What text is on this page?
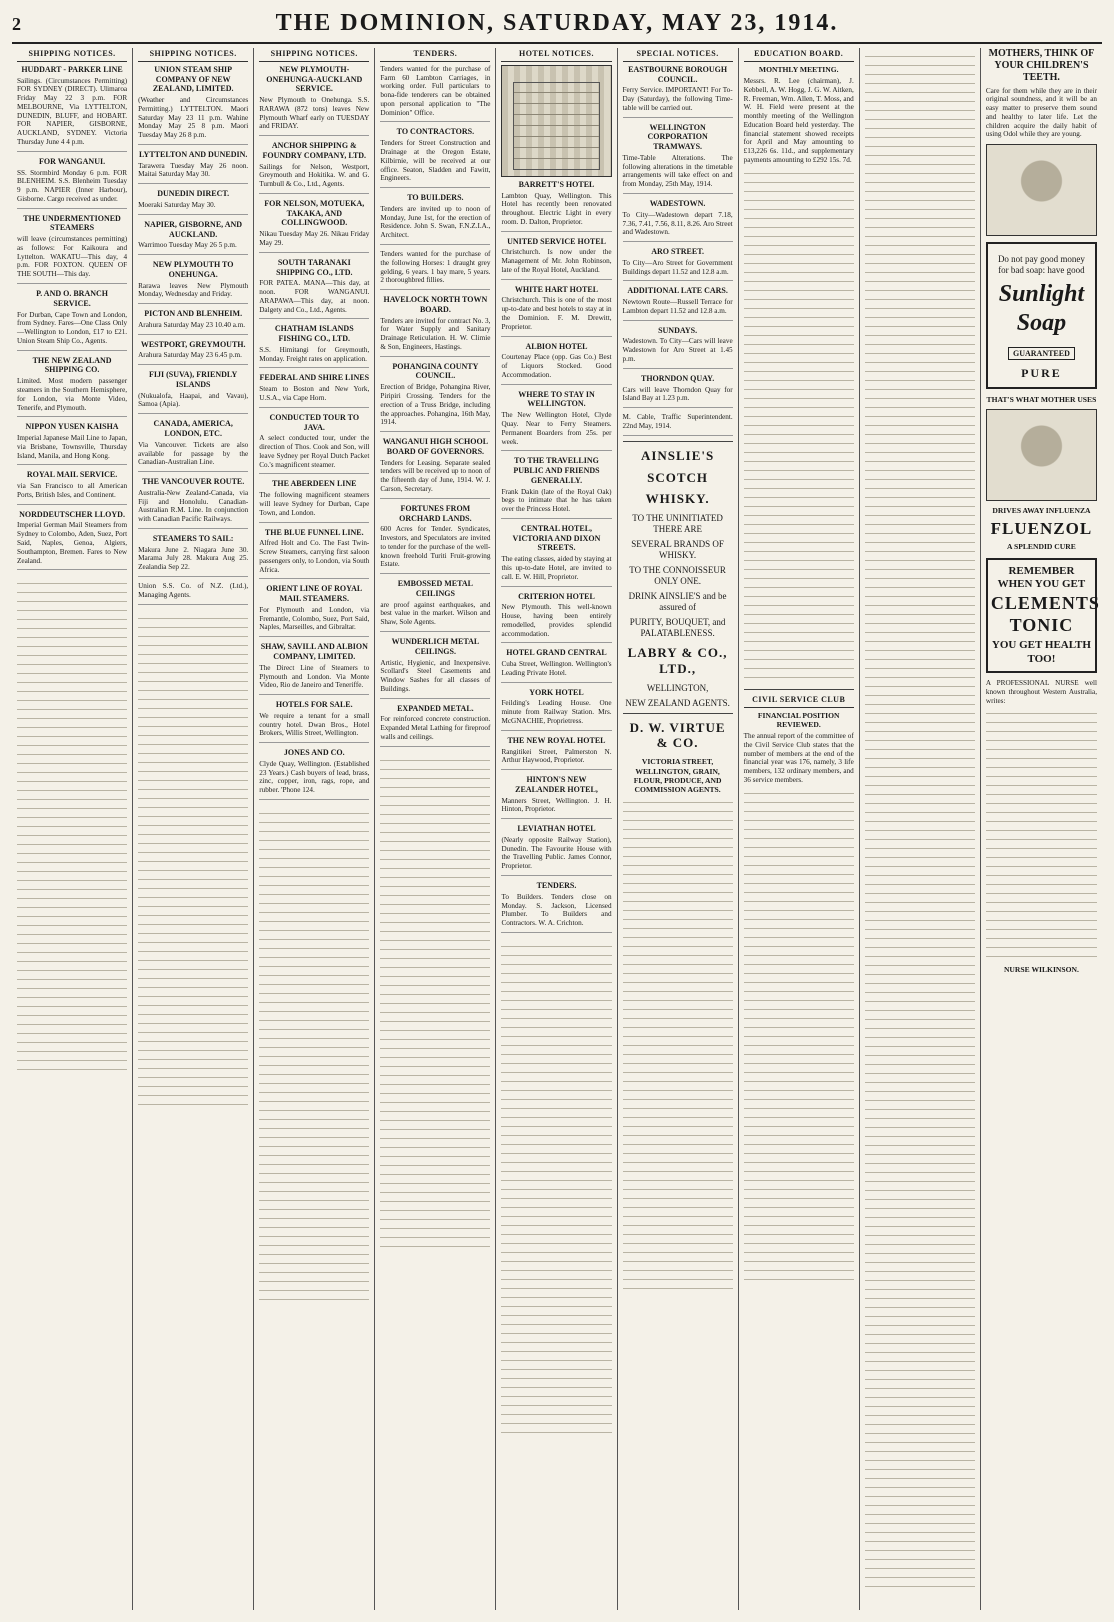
2	THE DOMINION, SATURDAY, MAY 23, 1914.
SHIPPING NOTICES.
HUDDART - PARKER LINE
Sailings. (Circumstances Permitting) FOR SYDNEY (DIRECT). Ulimaroa Friday May 22 3 p.m. FOR MELBOURNE, Via LYTTELTON, DUNEDIN, BLUFF, and HOBART. FOR NAPIER, GISBORNE, AUCKLAND, SYDNEY. Victoria Thursday June 4 4 p.m.
FOR WANGANUI.
SS. Stormbird Monday 6 p.m. FOR BLENHEIM. S.S. Blenheim Tuesday 9 p.m. NAPIER (Inner Harbour), Gisborne. Cargo received as under.
THE UNDERMENTIONED STEAMERS
will leave (circumstances permitting) as follows: For Kaikoura and Lyttelton. WAKATU—This day, 4 p.m. FOR FOXTON. QUEEN OF THE SOUTH—This day.
P. AND O. BRANCH SERVICE.
For Durban, Cape Town and London, from Sydney. Fares—One Class Only—Wellington to London, £17 to £21. Union Steam Ship Co., Agents.
THE NEW ZEALAND SHIPPING CO.
Limited. Most modern passenger steamers in the Southern Hemisphere, for London, via Monte Video, Tenerife, and Plymouth.
NIPPON YUSEN KAISHA
Imperial Japanese Mail Line to Japan, via Brisbane, Townsville, Thursday Island, Manila, and Hong Kong.
ROYAL MAIL SERVICE.
via San Francisco to all American Ports, British Isles, and Continent.
NORDDEUTSCHER LLOYD.
Imperial German Mail Steamers from Sydney to Colombo, Aden, Suez, Port Said, Naples, Genoa, Algiers, Southampton, Bremen. Fares to New Zealand.
SHIPPING NOTICES.
UNION STEAM SHIP COMPANY OF NEW ZEALAND, LIMITED.
(Weather and Circumstances Permitting.) LYTTELTON. Maori Saturday May 23 11 p.m. Wahine Monday May 25 8 p.m. Maori Tuesday May 26 8 p.m.
LYTTELTON AND DUNEDIN.
Tarawera Tuesday May 26 noon. Maitai Saturday May 30.
DUNEDIN DIRECT.
Moeraki Saturday May 30.
NAPIER, GISBORNE, AND AUCKLAND.
Warrimoo Tuesday May 26 5 p.m.
NEW PLYMOUTH TO ONEHUNGA.
Rarawa leaves New Plymouth Monday, Wednesday and Friday.
PICTON AND BLENHEIM.
Arahura Saturday May 23 10.40 a.m.
WESTPORT, GREYMOUTH.
Arahura Saturday May 23 6.45 p.m.
FIJI (SUVA), FRIENDLY ISLANDS
(Nukualofa, Haapai, and Vavau), Samoa (Apia).
CANADA, AMERICA, LONDON, ETC.
Via Vancouver. Tickets are also available for passage by the Canadian-Australian Line.
THE VANCOUVER ROUTE.
Australia-New Zealand-Canada, via Fiji and Honolulu. Canadian-Australian R.M. Line. In conjunction with Canadian Pacific Railways.
STEAMERS TO SAIL:
Makura June 2. Niagara June 30. Marama July 28. Makura Aug 25. Zealandia Sep 22.
Union S.S. Co. of N.Z. (Ltd.), Managing Agents.
SHIPPING NOTICES.
NEW PLYMOUTH-ONEHUNGA-AUCKLAND SERVICE.
New Plymouth to Onehunga. S.S. RARAWA (872 tons) leaves New Plymouth Wharf early on TUESDAY and FRIDAY.
ANCHOR SHIPPING & FOUNDRY COMPANY, LTD.
Sailings for Nelson, Westport, Greymouth and Hokitika. W. and G. Turnbull & Co., Ltd., Agents.
FOR NELSON, MOTUEKA, TAKAKA, AND COLLINGWOOD.
Nikau Tuesday May 26. Nikau Friday May 29.
SOUTH TARANAKI SHIPPING CO., LTD.
FOR PATEA. MANA—This day, at noon. FOR WANGANUI. ARAPAWA—This day, at noon. Dalgety and Co., Ltd., Agents.
CHATHAM ISLANDS FISHING CO., LTD.
S.S. Himitangi for Greymouth, Monday. Freight rates on application.
FEDERAL AND SHIRE LINES
Steam to Boston and New York, U.S.A., via Cape Horn.
CONDUCTED TOUR TO JAVA.
A select conducted tour, under the direction of Thos. Cook and Son, will leave Sydney per Royal Dutch Packet Co.'s magnificent steamer.
THE ABERDEEN LINE
The following magnificent steamers will leave Sydney for Durban, Cape Town, and London.
THE BLUE FUNNEL LINE.
Alfred Holt and Co. The Fast Twin-Screw Steamers, carrying first saloon passengers only, to London, via South Africa.
ORIENT LINE OF ROYAL MAIL STEAMERS.
For Plymouth and London, via Fremantle, Colombo, Suez, Port Said, Naples, Marseilles, and Gibraltar.
SHAW, SAVILL AND ALBION COMPANY, LIMITED.
The Direct Line of Steamers to Plymouth and London. Via Monte Video, Rio de Janeiro and Teneriffe.
HOTELS FOR SALE.
We require a tenant for a small country hotel. Dwan Bros., Hotel Brokers, Willis Street, Wellington.
JONES AND CO.
Clyde Quay, Wellington. (Established 23 Years.) Cash buyers of lead, brass, zinc, copper, iron, rags, rope, and rubber. 'Phone 124.
TENDERS.
Tenders wanted for the purchase of Farm 60 Lambton Carriages, in working order. Full particulars to bona-fide tenderers can be obtained upon personal application to "The Dominion" Office.
TO CONTRACTORS.
Tenders for Street Construction and Drainage at the Oregon Estate, Kilbirnie, will be received at our office. Seaton, Sladden and Fawitt, Engineers.
TO BUILDERS.
Tenders are invited up to noon of Monday, June 1st, for the erection of Residence. John S. Swan, F.N.Z.I.A., Architect.
Tenders wanted for the purchase of the following Horses: 1 draught grey gelding, 6 years. 1 bay mare, 5 years. 2 thoroughbred fillies.
HAVELOCK NORTH TOWN BOARD.
Tenders are invited for contract No. 3, for Water Supply and Sanitary Drainage Reticulation. H. W. Climie & Son, Engineers, Hastings.
POHANGINA COUNTY COUNCIL.
Erection of Bridge, Pohangina River, Piripiri Crossing. Tenders for the erection of a Truss Bridge, including the approaches. Pohangina, 16th May, 1914.
WANGANUI HIGH SCHOOL BOARD OF GOVERNORS.
Tenders for Leasing. Separate sealed tenders will be received up to noon of the fifteenth day of June, 1914. W. J. Carson, Secretary.
FORTUNES FROM ORCHARD LANDS.
600 Acres for Tender. Syndicates, Investors, and Speculators are invited to tender for the purchase of the well-known freehold Turiti Fruit-growing Estate.
EMBOSSED METAL CEILINGS
are proof against earthquakes, and best value in the market. Wilson and Shaw, Sole Agents.
WUNDERLICH METAL CEILINGS.
Artistic, Hygienic, and Inexpensive. Scollard's Steel Casements and Window Sashes for all classes of Buildings.
EXPANDED METAL.
For reinforced concrete construction. Expanded Metal Lathing for fireproof walls and ceilings.
HOTEL NOTICES.
BARRETT'S HOTEL
Lambton Quay, Wellington. This Hotel has recently been renovated throughout. Electric Light in every room. D. Dalton, Proprietor.
UNITED SERVICE HOTEL
Christchurch. Is now under the Management of Mr. John Robinson, late of the Royal Hotel, Auckland.
WHITE HART HOTEL
Christchurch. This is one of the most up-to-date and best hotels to stay at in the Dominion. F. M. Drewitt, Proprietor.
ALBION HOTEL
Courtenay Place (opp. Gas Co.) Best of Liquors Stocked. Good Accommodation.
WHERE TO STAY IN WELLINGTON.
The New Wellington Hotel, Clyde Quay. Near to Ferry Steamers. Permanent Boarders from 25s. per week.
TO THE TRAVELLING PUBLIC AND FRIENDS GENERALLY.
Frank Dakin (late of the Royal Oak) begs to intimate that he has taken over the Princess Hotel.
CENTRAL HOTEL, VICTORIA AND DIXON STREETS.
The eating classes, aided by staying at this up-to-date Hotel, are invited to call. E. W. Hill, Proprietor.
CRITERION HOTEL
New Plymouth. This well-known House, having been entirely remodelled, provides splendid accommodation.
HOTEL GRAND CENTRAL
Cuba Street, Wellington. Wellington's Leading Private Hotel.
YORK HOTEL
Feilding's Leading House. One minute from Railway Station. Mrs. McGNACHIE, Proprietress.
THE NEW ROYAL HOTEL
Rangitikei Street, Palmerston N. Arthur Haywood, Proprietor.
HINTON'S NEW ZEALANDER HOTEL,
Manners Street, Wellington. J. H. Hinton, Proprietor.
LEVIATHAN HOTEL
(Nearly opposite Railway Station), Dunedin. The Favourite House with the Travelling Public. James Connor, Proprietor.
TENDERS.
To Builders. Tenders close on Monday. S. Jackson, Licensed Plumber. To Builders and Contractors. W. A. Crichton.
SPECIAL NOTICES.
EASTBOURNE BOROUGH COUNCIL.
Ferry Service. IMPORTANT! For To-Day (Saturday), the following Time-table will be carried out.
WELLINGTON CORPORATION TRAMWAYS.
Time-Table Alterations. The following alterations in the timetable arrangements will take effect on and from Monday, 25th May, 1914.
WADESTOWN.
To City—Wadestown depart 7.18, 7.36, 7.41, 7.56, 8.11, 8.26. Aro Street and Wadestown.
ARO STREET.
To City—Aro Street for Government Buildings depart 11.52 and 12.8 a.m.
ADDITIONAL LATE CARS.
Newtown Route—Russell Terrace for Lambton depart 11.52 and 12.8 a.m.
SUNDAYS.
Wadestown. To City—Cars will leave Wadestown for Aro Street at 1.45 p.m.
THORNDON QUAY.
Cars will leave Thorndon Quay for Island Bay at 1.23 p.m.
M. Cable, Traffic Superintendent. 22nd May, 1914.
AINSLIE'S
SCOTCH
WHISKY.
TO THE UNINITIATED THERE ARE
SEVERAL BRANDS OF WHISKY.
TO THE CONNOISSEUR ONLY ONE.
DRINK AINSLIE'S and be assured of
PURITY, BOUQUET, and PALATABLENESS.
LABRY & CO., LTD.,
WELLINGTON,
NEW ZEALAND AGENTS.
D. W. VIRTUE & CO.
VICTORIA STREET, WELLINGTON, GRAIN, FLOUR, PRODUCE, AND COMMISSION AGENTS.
EDUCATION BOARD.
MONTHLY MEETING.
Messrs. R. Lee (chairman), J. Kebbell, A. W. Hogg, J. G. W. Aitken, R. Freeman, Wm. Allen, T. Moss, and W. H. Field were present at the monthly meeting of the Wellington Education Board held yesterday. The financial statement showed receipts for April and May amounting to £13,226 6s. 11d., and supplementary payments amounting to £292 15s. 7d.
CIVIL SERVICE CLUB
FINANCIAL POSITION REVIEWED.
The annual report of the committee of the Civil Service Club states that the number of members at the end of the financial year was 176, namely, 3 life members, 132 ordinary members, and 36 service members.
MOTHERS, THINK OF YOUR CHILDREN'S TEETH.
Care for them while they are in their original soundness, and it will be an easy matter to preserve them sound and healthy to later life. Let the children acquire the daily habit of using Odol while they are young.
Do not pay good money for bad soap: have good
Sunlight Soap
GUARANTEED
PURE
THAT'S WHAT MOTHER USES
DRIVES AWAY INFLUENZA
FLUENZOL
A SPLENDID CURE
REMEMBER WHEN YOU GET
CLEMENTS TONIC
YOU GET HEALTH TOO!
A PROFESSIONAL NURSE well known throughout Western Australia, writes:
NURSE WILKINSON.
